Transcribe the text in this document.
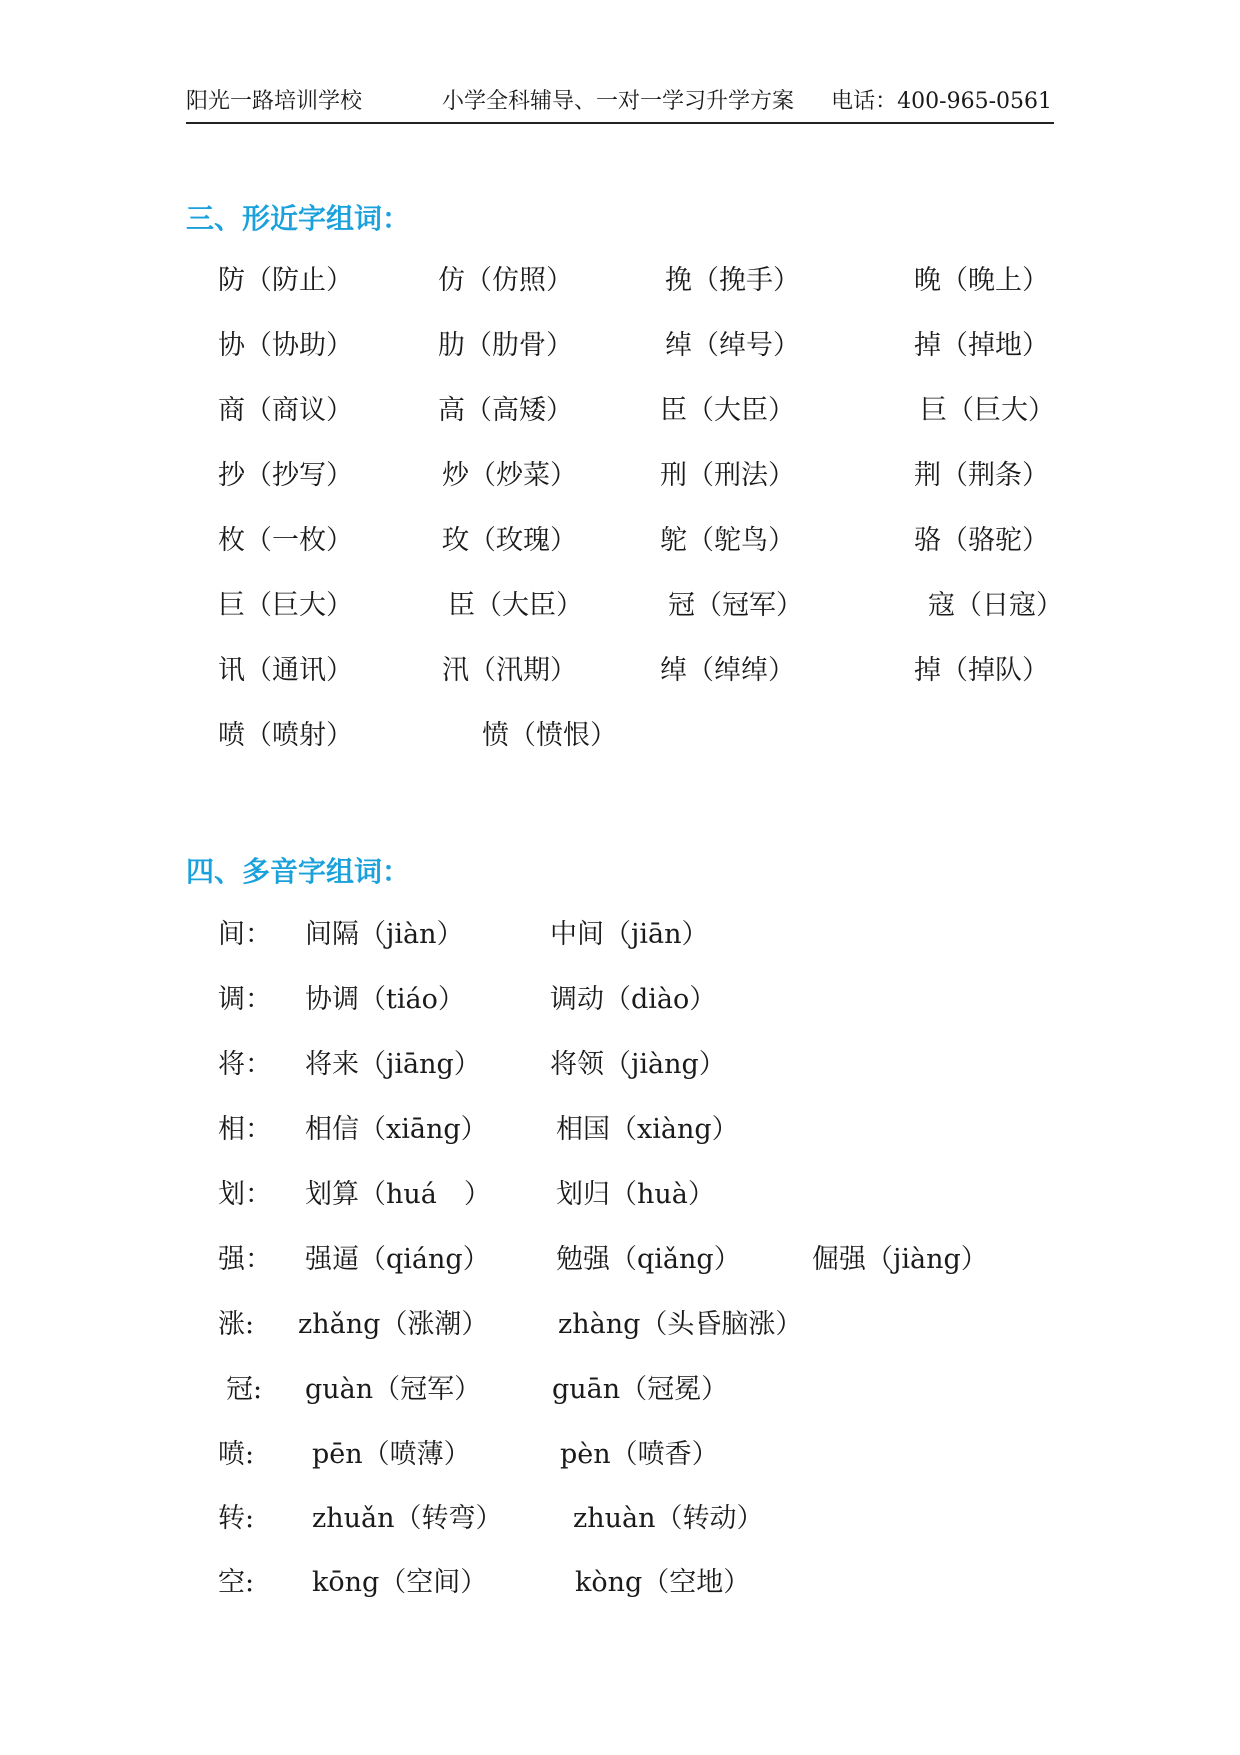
阳光一路培训学校	小学全科辅导、一对一学习升学方案 电话：400-965-0561
三、形近字组词：
防（防止）	仿（仿照）	挽（挽手）	晚（晚上）
协（协助）	肋（肋骨）	绰（绰号）	掉（掉地）
商（商议）	高（高矮）	臣（大臣）	巨（巨大）
抄（抄写）	炒（炒菜）	刑（刑法）	荆（荆条）
枚（一枚）	玫（玫瑰）	鸵（鸵鸟）	骆（骆驼）
巨（巨大）	臣（大臣）	冠（冠军）	寇（日寇）
讯（通讯）	汛（汛期）	绰（绰绰）	掉（掉队）
喷（喷射）	愤（愤恨）
四、多音字组词：
间： 间隔（jiàn）	中间（jiān）
调： 协调（tiáo）	调动（diào）
将： 将来（jiāng）	将领（jiàng）
相： 相信（xiāng）	相国（xiàng）
划： 划算（huá　） 划归（huà）
强： 强逼（qiáng） 勉强（qiǎng）	倔强（jiàng）
涨: zhǎng（涨潮）	zhàng（头昏脑涨）
冠: guàn（冠军）	guān（冠冕）
喷: pēn（喷薄）	pèn（喷香）
转: zhuǎn（转弯）	zhuàn（转动）
空: kōng（空间）	kòng（空地）
